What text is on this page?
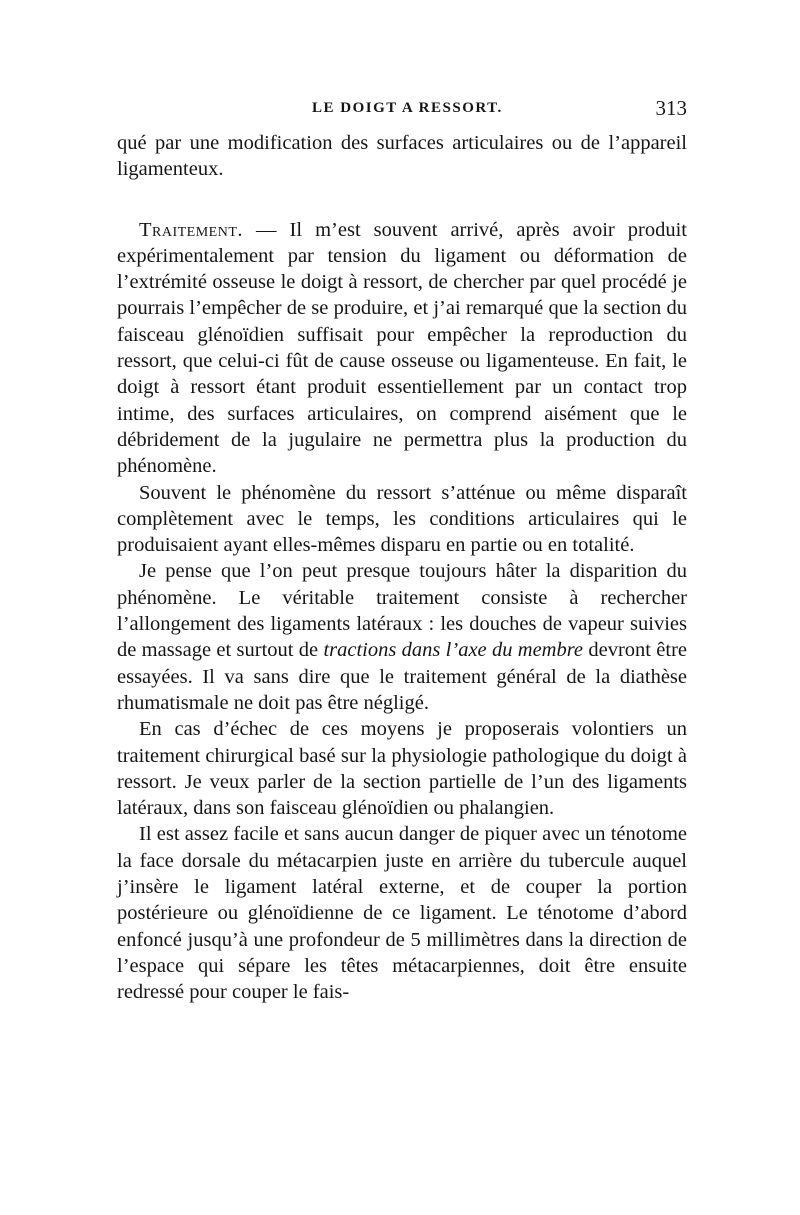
LE DOIGT A RESSORT.	313

qué par une modification des surfaces articulaires ou de l’appareil ligamenteux.

Traitement. — Il m’est souvent arrivé, après avoir produit expérimentalement par tension du ligament ou déformation de l’extrémité osseuse le doigt à ressort, de chercher par quel procédé je pourrais l’empêcher de se produire, et j’ai remarqué que la section du faisceau glénoïdien suffisait pour empêcher la reproduction du ressort, que celui-ci fût de cause osseuse ou ligamenteuse. En fait, le doigt à ressort étant produit essentiellement par un contact trop intime, des surfaces articulaires, on comprend aisément que le débridement de la jugulaire ne permettra plus la production du phénomène.

Souvent le phénomène du ressort s’atténue ou même disparaît complètement avec le temps, les conditions articulaires qui le produisaient ayant elles-mêmes disparu en partie ou en totalité.

Je pense que l’on peut presque toujours hâter la disparition du phénomène. Le véritable traitement consiste à rechercher l’allongement des ligaments latéraux : les douches de vapeur suivies de massage et surtout de tractions dans l’axe du membre devront être essayées. Il va sans dire que le traitement général de la diathèse rhumatismale ne doit pas être négligé.

En cas d’échec de ces moyens je proposerais volontiers un traitement chirurgical basé sur la physiologie pathologique du doigt à ressort. Je veux parler de la section partielle de l’un des ligaments latéraux, dans son faisceau glénoïdien ou phalangien.

Il est assez facile et sans aucun danger de piquer avec un ténotome la face dorsale du métacarpien juste en arrière du tubercule auquel j’insère le ligament latéral externe, et de couper la portion postérieure ou glénoïdienne de ce ligament. Le ténotome d’abord enfoncé jusqu’à une profondeur de 5 millimètres dans la direction de l’espace qui sépare les têtes métacarpiennes, doit être ensuite redressé pour couper le fais-
